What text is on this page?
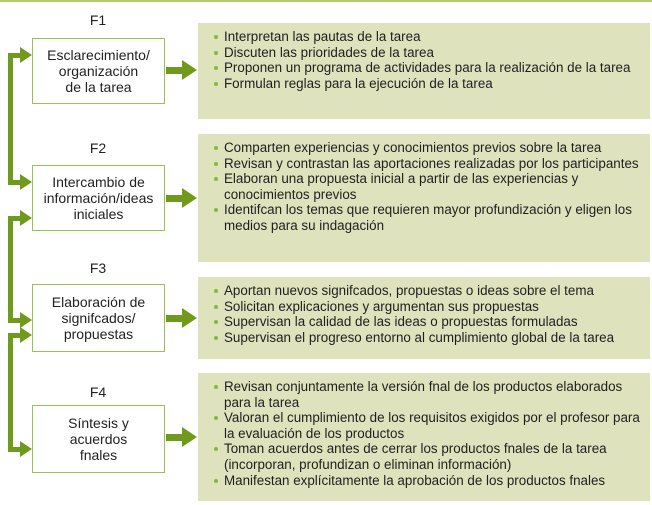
F1
Esclarecimiento/
organización
de la tarea
Interpretan las pautas de la tarea
Discuten las prioridades de la tarea
Proponen un programa de actividades para la realización de la tarea
Formulan reglas para la ejecución de la tarea
F2
Intercambio de
información/ideas
iniciales
Comparten experiencias y conocimientos previos sobre la tarea
Revisan y contrastan las aportaciones realizadas por los participantes
Elaboran una propuesta inicial a partir de las experiencias y conocimientos previos
Identifcan los temas que requieren mayor profundización y eligen los medios para su indagación
F3
Elaboración de
signifcados/
propuestas
Aportan nuevos signifcados, propuestas o ideas sobre el tema
Solicitan explicaciones y argumentan sus propuestas
Supervisan la calidad de las ideas o propuestas formuladas
Supervisan el progreso entorno al cumplimiento global de la tarea
F4
Síntesis y
acuerdos
fnales
Revisan conjuntamente la versión fnal de los productos elaborados para la tarea
Valoran el cumplimiento de los requisitos exigidos por el profesor para la evaluación de los productos
Toman acuerdos antes de cerrar los productos fnales de la tarea (incorporan, profundizan o eliminan información)
Manifestan explícitamente la aprobación de los productos fnales
